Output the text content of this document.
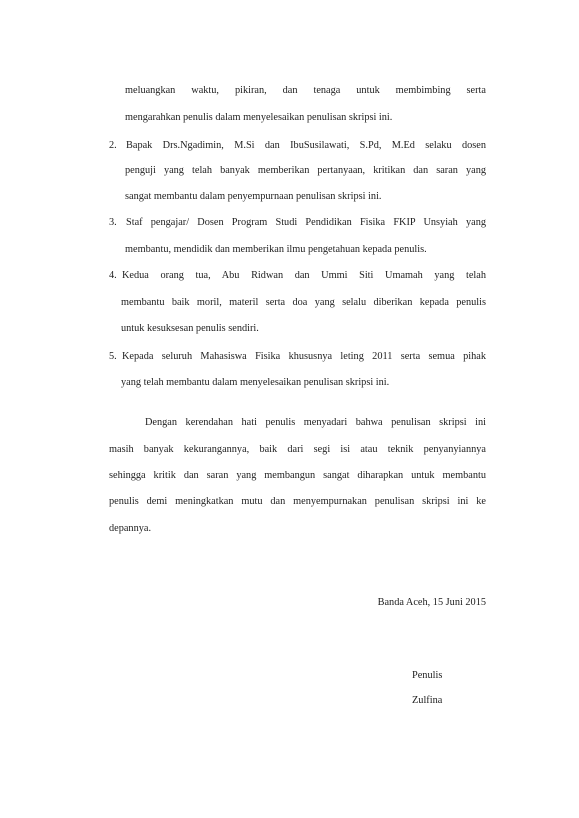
meluangkan waktu, pikiran, dan tenaga untuk membimbing serta
mengarahkan penulis dalam menyelesaikan penulisan skripsi ini.
2. Bapak Drs.Ngadimin, M.Si dan IbuSusilawati, S.Pd, M.Ed selaku dosen
penguji yang telah banyak memberikan pertanyaan, kritikan dan saran yang
sangat membantu dalam penyempurnaan penulisan skripsi ini.
3. Staf pengajar/ Dosen Program Studi Pendidikan Fisika FKIP Unsyiah yang
membantu, mendidik dan memberikan ilmu pengetahuan kepada penulis.
4. Kedua orang tua, Abu Ridwan dan Ummi Siti Umamah yang telah
membantu baik moril, materil serta doa yang selalu diberikan kepada penulis
untuk kesuksesan penulis sendiri.
5. Kepada seluruh Mahasiswa Fisika khususnya leting 2011 serta semua pihak
yang telah membantu dalam menyelesaikan penulisan skripsi ini.
Dengan kerendahan hati penulis menyadari bahwa penulisan skripsi ini
masih banyak kekurangannya, baik dari segi isi atau teknik penyanyiannya
sehingga kritik dan saran yang membangun sangat diharapkan untuk membantu
penulis demi meningkatkan mutu dan menyempurnakan penulisan skripsi ini ke
depannya.
Banda Aceh, 15 Juni 2015
Penulis
Zulfina
